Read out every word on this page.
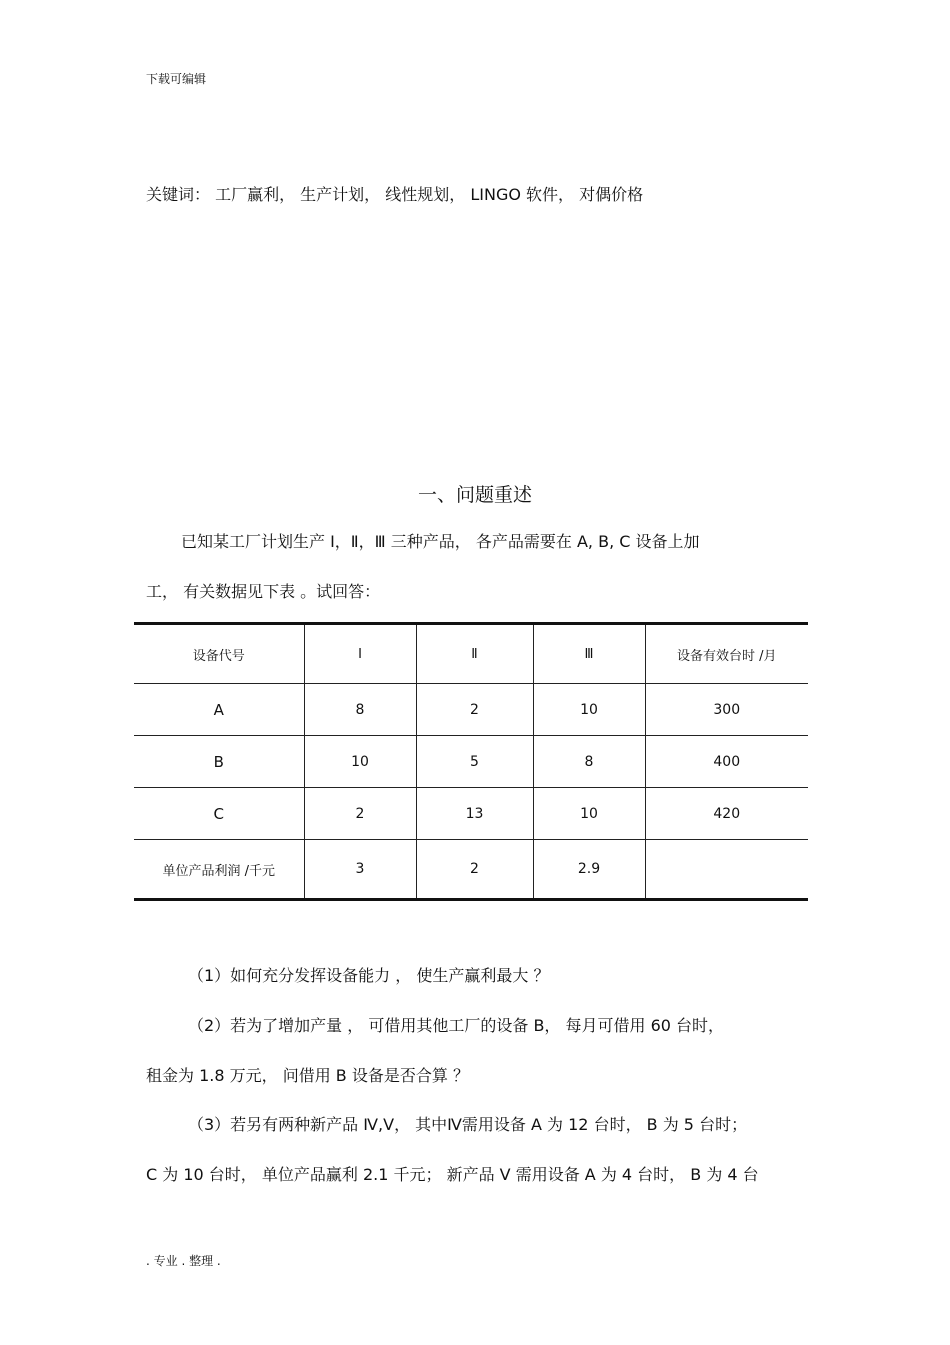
下载可编辑
关键词： 工厂赢利， 生产计划， 线性规划， LINGO 软件， 对偶价格
一、问题重述
已知某工厂计划生产 Ⅰ，Ⅱ，Ⅲ 三种产品， 各产品需要在 A, B, C 设备上加
工， 有关数据见下表 。试回答：
设备代号	Ⅰ	Ⅱ	Ⅲ	设备有效台时 /月
A	8	2	10	300
B	10	5	8	400
C	2	13	10	420
单位产品利润 /千元	3	2	2.9	
（1）如何充分发挥设备能力 ， 使生产赢利最大 ？
（2）若为了增加产量 ， 可借用其他工厂的设备 B， 每月可借用 60 台时，
租金为 1.8 万元， 问借用 B 设备是否合算 ？
（3）若另有两种新产品 Ⅳ,Ⅴ， 其中Ⅳ需用设备 A 为 12 台时， B 为 5 台时；
C 为 10 台时， 单位产品赢利 2.1 千元； 新产品 Ⅴ 需用设备 A 为 4 台时， B 为 4 台
. 专业 . 整理 .
